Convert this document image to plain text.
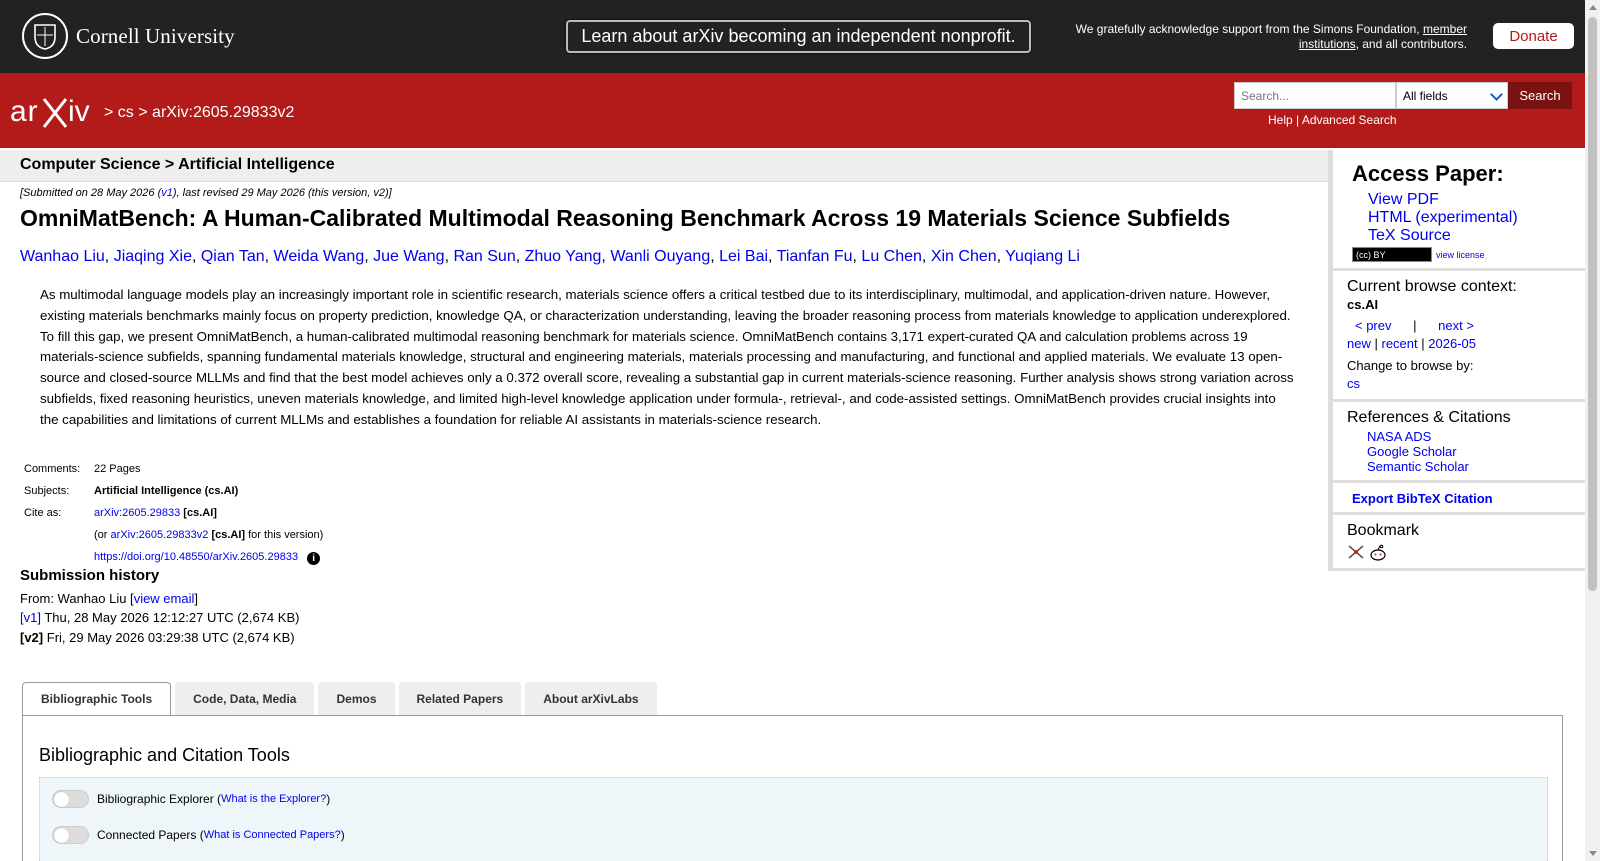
Cornell University	Learn about arXiv becoming an independent nonprofit.	We gratefully acknowledge support from the Simons Foundation, member institutions, and all contributors.	Donate
ar iv > cs > arXiv:2605.29833v2
Search...	All fields	Search
Help | Advanced Search
Computer Science > Artificial Intelligence
[Submitted on 28 May 2026 (v1), last revised 29 May 2026 (this version, v2)]
OmniMatBench: A Human-Calibrated Multimodal Reasoning Benchmark Across 19 Materials Science Subfields
Wanhao Liu, Jiaqing Xie, Qian Tan, Weida Wang, Jue Wang, Ran Sun, Zhuo Yang, Wanli Ouyang, Lei Bai, Tianfan Fu, Lu Chen, Xin Chen, Yuqiang Li

As multimodal language models play an increasingly important role in scientific research, materials science offers a critical testbed due to its interdisciplinary, multimodal, and application-driven nature. However, existing materials benchmarks mainly focus on property prediction, knowledge QA, or characterization understanding, leaving the broader reasoning process from materials knowledge to application underexplored. To fill this gap, we present OmniMatBench, a human-calibrated multimodal reasoning benchmark for materials science. OmniMatBench contains 3,171 expert-curated QA and calculation problems across 19 materials-science subfields, spanning fundamental materials knowledge, structural and engineering materials, materials processing and manufacturing, and functional and applied materials. We evaluate 13 open-source and closed-source MLLMs and find that the best model achieves only a 0.372 overall score, revealing a substantial gap in current materials-science reasoning. Further analysis shows strong variation across subfields, fixed reasoning heuristics, uneven materials knowledge, and limited high-level knowledge application under formula-, retrieval-, and code-assisted settings. OmniMatBench provides crucial insights into the capabilities and limitations of current MLLMs and establishes a foundation for reliable AI assistants in materials-science research.

Comments:	22 Pages
Subjects:	Artificial Intelligence (cs.AI)
Cite as:	arXiv:2605.29833 [cs.AI]
	(or arXiv:2605.29833v2 [cs.AI] for this version)
	https://doi.org/10.48550/arXiv.2605.29833 i
Submission history
From: Wanhao Liu [view email]
[v1] Thu, 28 May 2026 12:12:27 UTC (2,674 KB)
[v2] Fri, 29 May 2026 03:29:38 UTC (2,674 KB)
Bibliographic Tools	Code, Data, Media	Demos	Related Papers	About arXivLabs
Bibliographic and Citation Tools
Bibliographic Explorer ( What is the Explorer? )
Connected Papers ( What is Connected Papers? )
Access Paper:
View PDF
HTML (experimental)
TeX Source
(cc) BY	view license
Current browse context:
cs.AI
< prev | next >
new | recent | 2026-05
Change to browse by:
cs
References & Citations
NASA ADS
Google Scholar
Semantic Scholar
Export BibTeX Citation
Bookmark
